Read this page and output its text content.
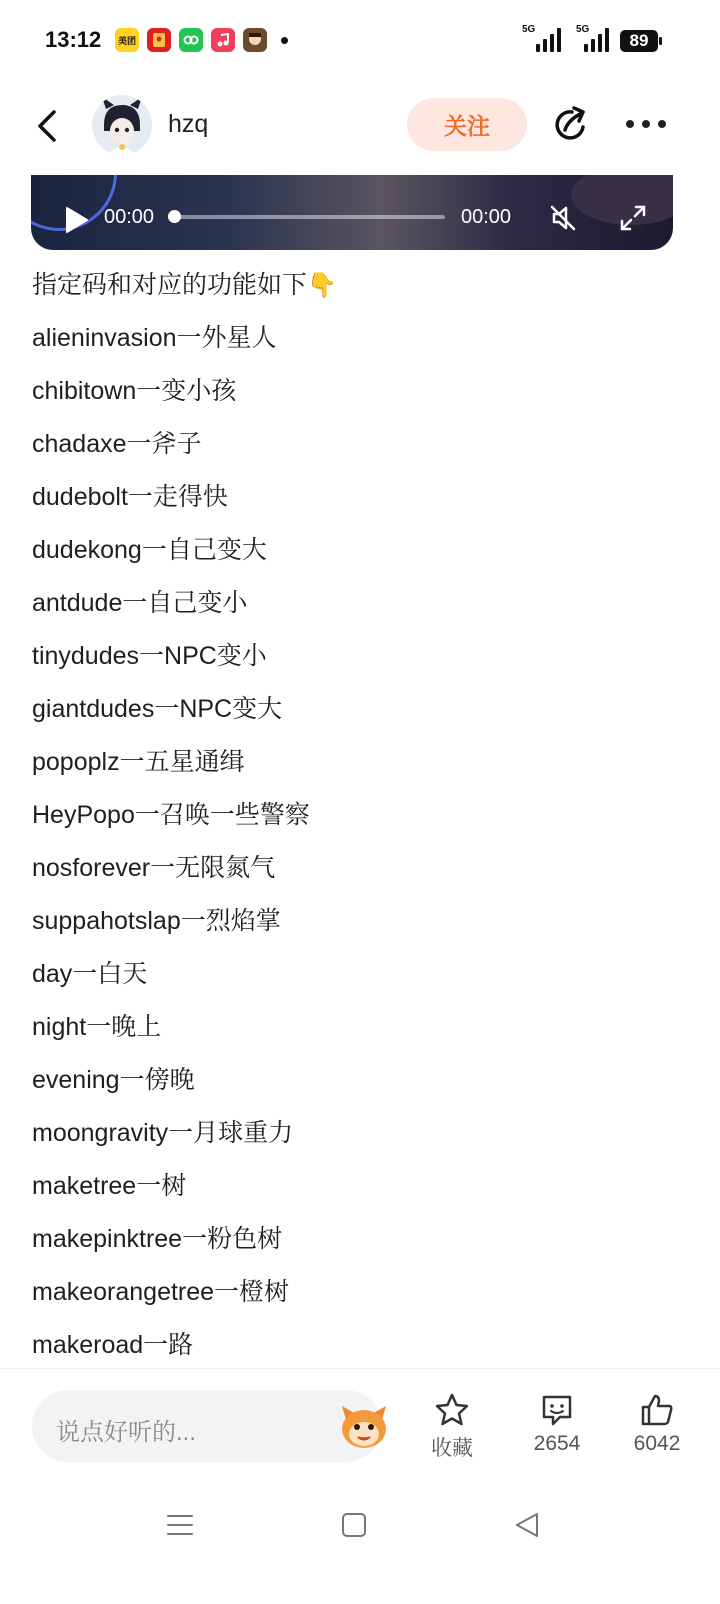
13:12 美团
5G	5G
89
hzq	关注
00:00	00:00
指定码和对应的功能如下👇
alieninvasion一外星人
chibitown一变小孩
chadaxe一斧子
dudebolt一走得快
dudekong一自己变大
antdude一自己变小
tinydudes一NPC变小
giantdudes一NPC变大
popoplz一五星通缉
HeyPopo一召唤一些警察
nosforever一无限氮气
suppahotslap一烈焰掌
day一白天
night一晚上
evening一傍晚
moongravity一月球重力
maketree一树
makepinktree一粉色树
makeorangetree一橙树
makeroad一路
说点好听的...
收藏	2654	6042
